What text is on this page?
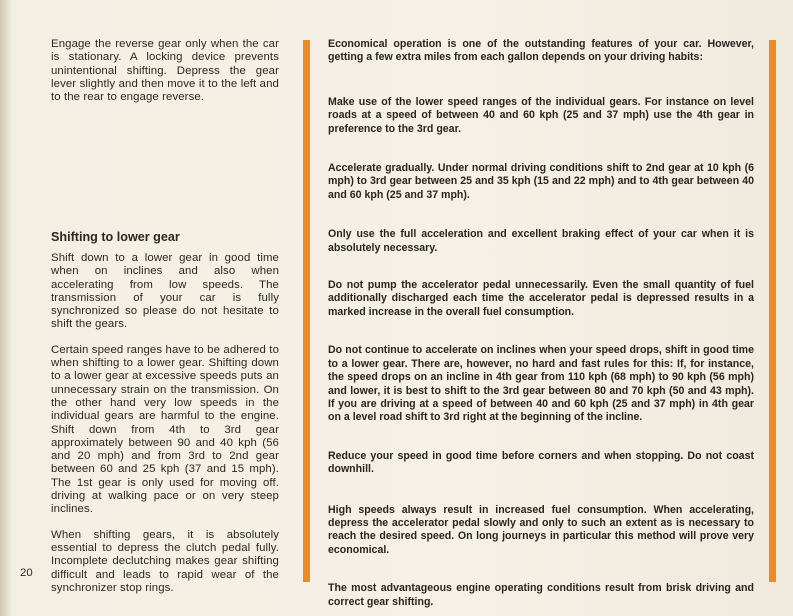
Engage the reverse gear only when the car is stationary. A locking device prevents unintentional shifting. Depress the gear lever slightly and then move it to the left and to the rear to engage reverse.

Shifting to lower gear

Shift down to a lower gear in good time when on inclines and also when accelerating from low speeds. The transmission of your car is fully synchronized so please do not hesitate to shift the gears.

Certain speed ranges have to be adhered to when shifting to a lower gear. Shifting down to a lower gear at excessive speeds puts an unnecessary strain on the transmission. On the other hand very low speeds in the individual gears are harmful to the engine. Shift down from 4th to 3rd gear approximately between 90 and 40 kph (56 and 20 mph) and from 3rd to 2nd gear between 60 and 25 kph (37 and 15 mph). The 1st gear is only used for moving off. driving at walking pace or on very steep inclines.

When shifting gears, it is absolutely essential to depress the clutch pedal fully. Incomplete declutching makes gear shifting difficult and leads to rapid wear of the synchronizer stop rings.

20

Economical operation is one of the outstanding features of your car. However, getting a few extra miles from each gallon depends on your driving habits:

Make use of the lower speed ranges of the individual gears. For instance on level roads at a speed of between 40 and 60 kph (25 and 37 mph) use the 4th gear in preference to the 3rd gear.

Accelerate gradually. Under normal driving conditions shift to 2nd gear at 10 kph (6 mph) to 3rd gear between 25 and 35 kph (15 and 22 mph) and to 4th gear between 40 and 60 kph (25 and 37 mph).

Only use the full acceleration and excellent braking effect of your car when it is absolutely necessary.

Do not pump the accelerator pedal unnecessarily. Even the small quantity of fuel additionally discharged each time the accelerator pedal is depressed results in a marked increase in the overall fuel consumption.

Do not continue to accelerate on inclines when your speed drops, shift in good time to a lower gear. There are, however, no hard and fast rules for this: If, for instance, the speed drops on an incline in 4th gear from 110 kph (68 mph) to 90 kph (56 mph) and lower, it is best to shift to the 3rd gear between 80 and 70 kph (50 and 43 mph). If you are driving at a speed of between 40 and 60 kph (25 and 37 mph) in 4th gear on a level road shift to 3rd right at the beginning of the incline.

Reduce your speed in good time before corners and when stopping. Do not coast downhill.

High speeds always result in increased fuel consumption. When accelerating, depress the accelerator pedal slowly and only to such an extent as is necessary to reach the desired speed. On long journeys in particular this method will prove very economical.

The most advantageous engine operating conditions result from brisk driving and correct gear shifting.
